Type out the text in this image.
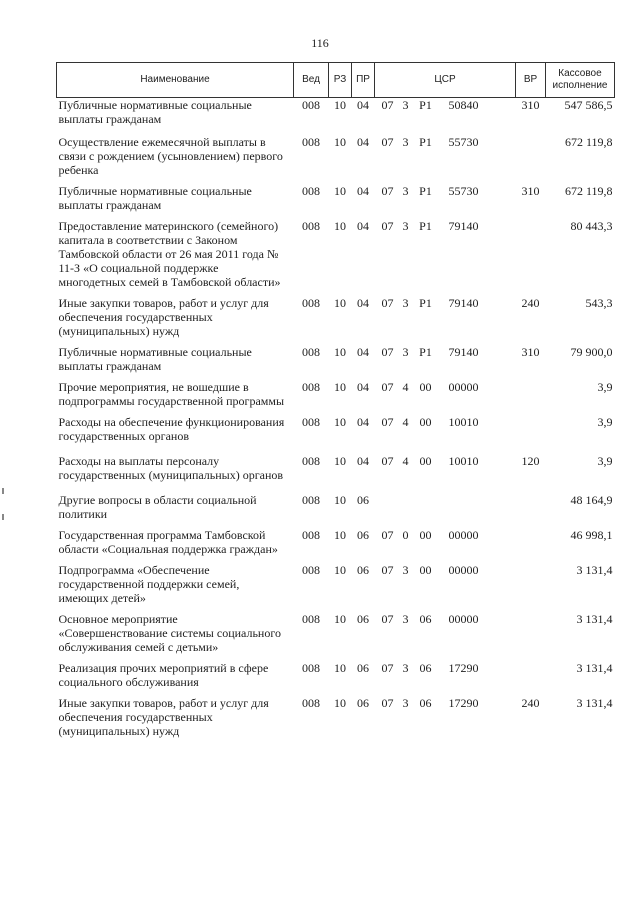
116
Наименование	Вед	РЗ	ПР	ЦСР	ВР	Кассовое исполнение
Публичные нормативные социальные выплаты гражданам	008	10	04	07 3 P1 50840	310	547 586,5
Осуществление ежемесячной выплаты в связи с рождением (усыновлением) первого ребенка	008	10	04	07 3 P1 55730		672 119,8
Публичные нормативные социальные выплаты гражданам	008	10	04	07 3 P1 55730	310	672 119,8
Предоставление материнского (семейного) капитала в соответствии с Законом Тамбовской области от 26 мая 2011 года № 11-З «О социальной поддержке многодетных семей в Тамбовской области»	008	10	04	07 3 P1 79140		80 443,3
Иные закупки товаров, работ и услуг для обеспечения государственных (муниципальных) нужд	008	10	04	07 3 P1 79140	240	543,3
Публичные нормативные социальные выплаты гражданам	008	10	04	07 3 P1 79140	310	79 900,0
Прочие мероприятия, не вошедшие в подпрограммы государственной программы	008	10	04	07 4 00 00000		3,9
Расходы на обеспечение функционирования государственных органов	008	10	04	07 4 00 10010		3,9
Расходы на выплаты персоналу государственных (муниципальных) органов	008	10	04	07 4 00 10010	120	3,9
Другие вопросы в области социальной политики	008	10	06			48 164,9
Государственная программа Тамбовской области «Социальная поддержка граждан»	008	10	06	07 0 00 00000		46 998,1
Подпрограмма «Обеспечение государственной поддержки семей, имеющих детей»	008	10	06	07 3 00 00000		3 131,4
Основное мероприятие «Совершенствование системы социального обслуживания семей с детьми»	008	10	06	07 3 06 00000		3 131,4
Реализация прочих мероприятий в сфере социального обслуживания	008	10	06	07 3 06 17290		3 131,4
Иные закупки товаров, работ и услуг для обеспечения государственных (муниципальных) нужд	008	10	06	07 3 06 17290	240	3 131,4
